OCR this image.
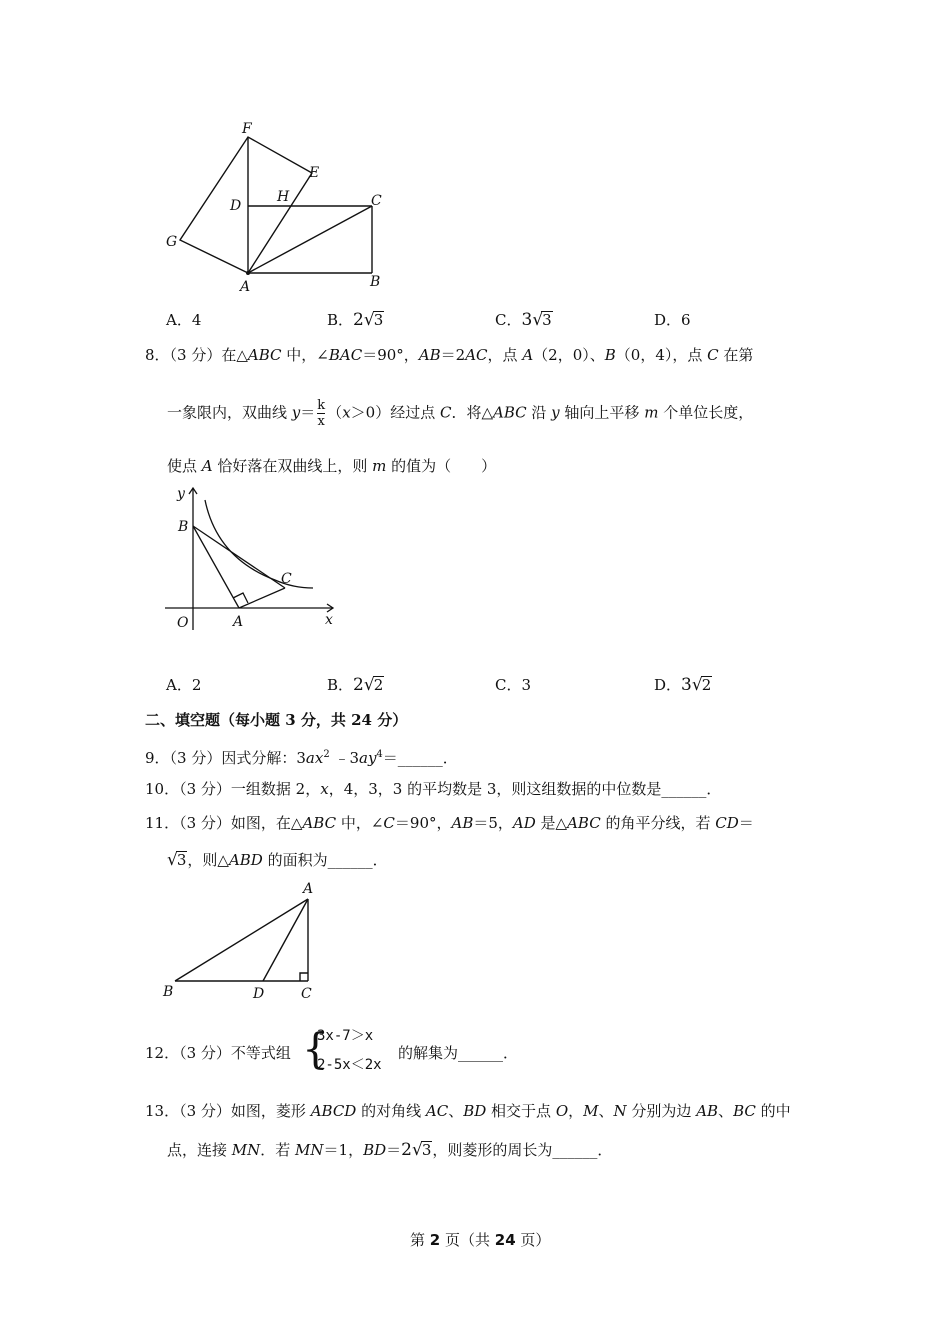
F
E
H
D	C
G
A	B
A．4	B．2√3	C．3√3	D．6
8．（3 分）在△ABC 中，∠BAC＝90°，AB＝2AC，点 A（2，0）、B（0，4），点 C 在第
一象限内，双曲线 $y= \frac{k}{x} (x>0)$经过点 C．将△ABC 沿 y 轴向上平移 m 个单位长度，
使点 A 恰好落在双曲线上，则 m 的值为（　　）
y
B
C
O	A	x
A．2	B．2√2	C．3	D．3√2
二、填空题（每小题 3 分，共 24 分）
9．（3 分）因式分解：$3ax^2$ $﹣3ay^4=\_\_\_\_\_\_$．
10．（3 分）一组数据 2，x，4，3，3 的平均数是 3，则这组数据的中位数是______．
11．（3 分）如图，在△ABC 中，∠C＝90°，AB＝5，AD 是△ABC 的角平分线，若 CD＝
√3，则△ABD 的面积为______．
A
B	D	C
12．（3 分）不等式组 {
3x-7＞x
2-5x＜2x
的解集为______．
13．（3 分）如图，菱形 ABCD 的对角线 AC、BD 相交于点 O，M、N 分别为边 AB、BC 的中
点，连接 MN．若 MN＝1，BD＝2√3，则菱形的周长为______．
第 2 页（共 24 页）
